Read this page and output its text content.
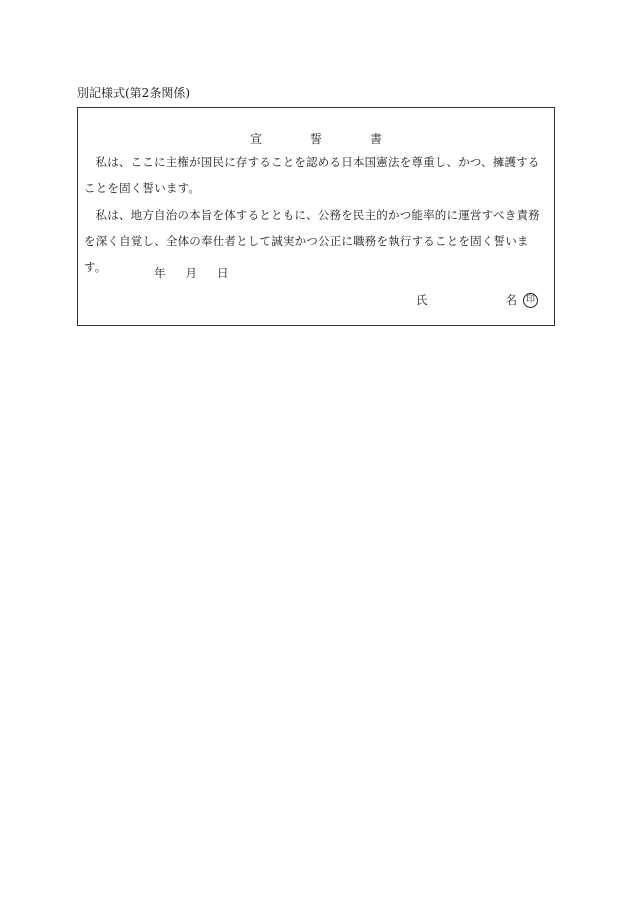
別記様式(第2条関係)
宣	誓	書

私は、ここに主権が国民に存することを認める日本国憲法を尊重し、かつ、擁護することを固く誓います。

私は、地方自治の本旨を体するとともに、公務を民主的かつ能率的に運営すべき責務を深く自覚し、全体の奉仕者として誠実かつ公正に職務を執行することを固く誓います。	年 月 日
氏	名 印
